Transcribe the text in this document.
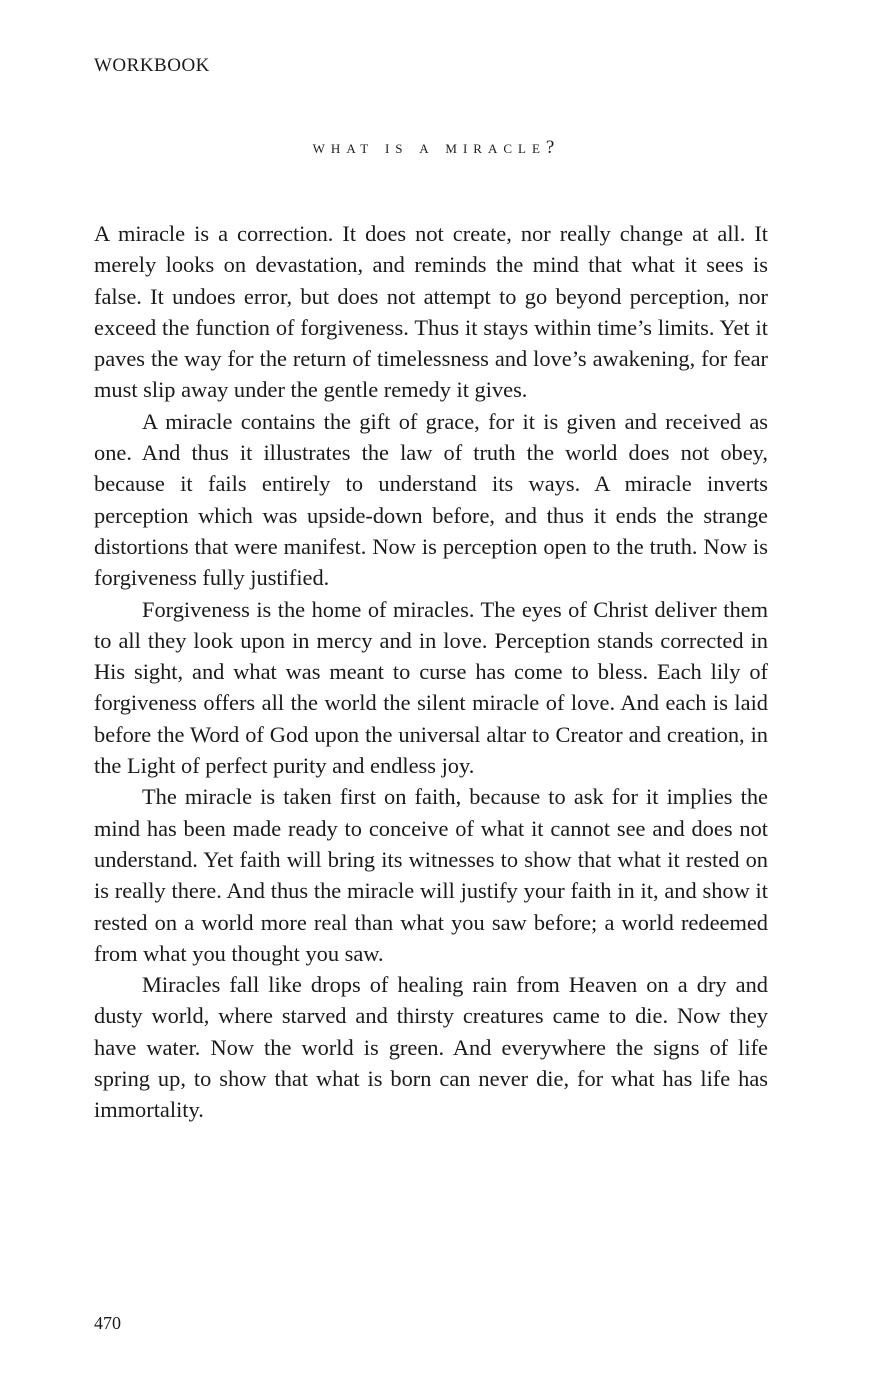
WORKBOOK
what is a miracle?

A miracle is a correction. It does not create, nor really change at all. It merely looks on devastation, and reminds the mind that what it sees is false. It undoes error, but does not attempt to go beyond perception, nor exceed the function of forgiveness. Thus it stays within time’s limits. Yet it paves the way for the return of timelessness and love’s awakening, for fear must slip away under the gentle remedy it gives.

A miracle contains the gift of grace, for it is given and received as one. And thus it illustrates the law of truth the world does not obey, because it fails entirely to understand its ways. A miracle inverts perception which was upside-down before, and thus it ends the strange distortions that were manifest. Now is perception open to the truth. Now is forgiveness fully justified.

Forgiveness is the home of miracles. The eyes of Christ deliver them to all they look upon in mercy and in love. Perception stands corrected in His sight, and what was meant to curse has come to bless. Each lily of forgiveness offers all the world the silent miracle of love. And each is laid before the Word of God upon the universal altar to Creator and creation, in the Light of perfect purity and endless joy.

The miracle is taken first on faith, because to ask for it implies the mind has been made ready to conceive of what it cannot see and does not understand. Yet faith will bring its witnesses to show that what it rested on is really there. And thus the miracle will justify your faith in it, and show it rested on a world more real than what you saw before; a world redeemed from what you thought you saw.

Miracles fall like drops of healing rain from Heaven on a dry and dusty world, where starved and thirsty creatures came to die. Now they have water. Now the world is green. And everywhere the signs of life spring up, to show that what is born can never die, for what has life has immortality.

470
